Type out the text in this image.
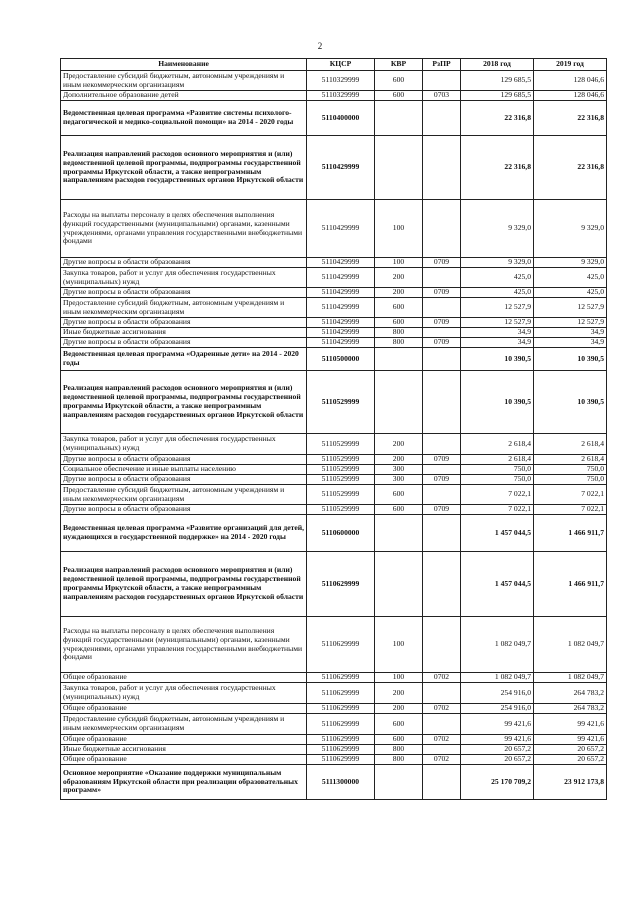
2
Наименование	КЦСР	КВР	РзПР	2018 год	2019 год
Предоставление субсидий бюджетным, автономным учреждениям и иным некоммерческим организациям	5110329999	600		129 685,5	128 046,6
Дополнительное образование детей	5110329999	600	0703	129 685,5	128 046,6
Ведомственная целевая программа «Развитие системы психолого-педагогической и медико-социальной помощи» на 2014 - 2020 годы	5110400000			22 316,8	22 316,8
Реализация направлений расходов основного мероприятия и (или) ведомственной целевой программы, подпрограммы государственной программы Иркутской области, а также непрограммным направлениям расходов государственных органов Иркутской области	5110429999			22 316,8	22 316,8
Расходы на выплаты персоналу в целях обеспечения выполнения функций государственными (муниципальными) органами, казенными учреждениями, органами управления государственными внебюджетными фондами	5110429999	100		9 329,0	9 329,0
Другие вопросы в области образования	5110429999	100	0709	9 329,0	9 329,0
Закупка товаров, работ и услуг для обеспечения государственных (муниципальных) нужд	5110429999	200		425,0	425,0
Другие вопросы в области образования	5110429999	200	0709	425,0	425,0
Предоставление субсидий бюджетным, автономным учреждениям и иным некоммерческим организациям	5110429999	600		12 527,9	12 527,9
Другие вопросы в области образования	5110429999	600	0709	12 527,9	12 527,9
Иные бюджетные ассигнования	5110429999	800		34,9	34,9
Другие вопросы в области образования	5110429999	800	0709	34,9	34,9
Ведомственная целевая программа «Одаренные дети» на 2014 - 2020 годы	5110500000			10 390,5	10 390,5
Реализация направлений расходов основного мероприятия и (или) ведомственной целевой программы, подпрограммы государственной программы Иркутской области, а также непрограммным направлениям расходов государственных органов Иркутской области	5110529999			10 390,5	10 390,5
Закупка товаров, работ и услуг для обеспечения государственных (муниципальных) нужд	5110529999	200		2 618,4	2 618,4
Другие вопросы в области образования	5110529999	200	0709	2 618,4	2 618,4
Социальное обеспечение и иные выплаты населению	5110529999	300		750,0	750,0
Другие вопросы в области образования	5110529999	300	0709	750,0	750,0
Предоставление субсидий бюджетным, автономным учреждениям и иным некоммерческим организациям	5110529999	600		7 022,1	7 022,1
Другие вопросы в области образования	5110529999	600	0709	7 022,1	7 022,1
Ведомственная целевая программа «Развитие организаций для детей, нуждающихся в государственной поддержке» на 2014 - 2020 годы	5110600000			1 457 044,5	1 466 911,7
Реализация направлений расходов основного мероприятия и (или) ведомственной целевой программы, подпрограммы государственной программы Иркутской области, а также непрограммным направлениям расходов государственных органов Иркутской области	5110629999			1 457 044,5	1 466 911,7
Расходы на выплаты персоналу в целях обеспечения выполнения функций государственными (муниципальными) органами, казенными учреждениями, органами управления государственными внебюджетными фондами	5110629999	100		1 082 049,7	1 082 049,7
Общее образование	5110629999	100	0702	1 082 049,7	1 082 049,7
Закупка товаров, работ и услуг для обеспечения государственных (муниципальных) нужд	5110629999	200		254 916,0	264 783,2
Общее образование	5110629999	200	0702	254 916,0	264 783,2
Предоставление субсидий бюджетным, автономным учреждениям и иным некоммерческим организациям	5110629999	600		99 421,6	99 421,6
Общее образование	5110629999	600	0702	99 421,6	99 421,6
Иные бюджетные ассигнования	5110629999	800		20 657,2	20 657,2
Общее образование	5110629999	800	0702	20 657,2	20 657,2
Основное мероприятие «Оказание поддержки муниципальным образованиям Иркутской области при реализации образовательных программ»	5111300000			25 170 709,2	23 912 173,8
